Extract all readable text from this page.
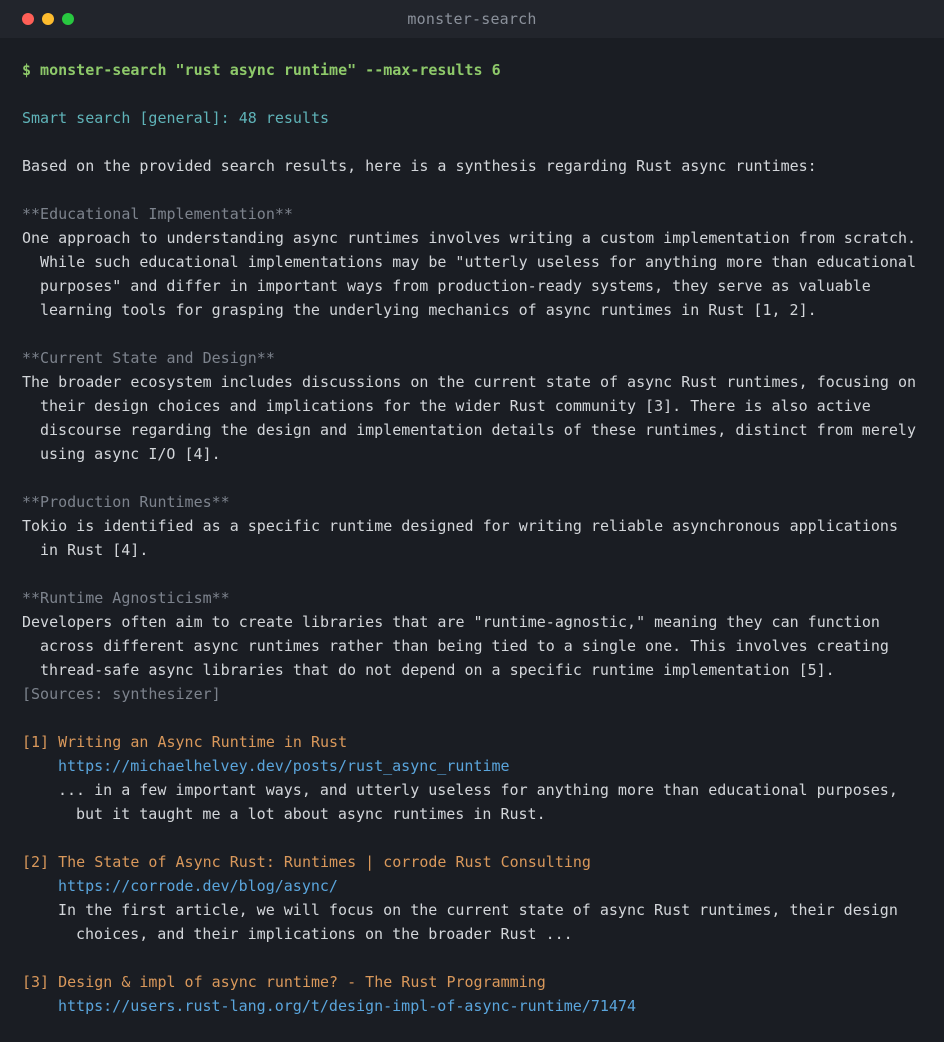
monster-search
$ monster-search "rust async runtime" --max-results 6
Smart search [general]: 48 results
Based on the provided search results, here is a synthesis regarding Rust async runtimes:
**Educational Implementation**
One approach to understanding async runtimes involves writing a custom implementation from scratch.
While such educational implementations may be "utterly useless for anything more than educational
purposes" and differ in important ways from production-ready systems, they serve as valuable
learning tools for grasping the underlying mechanics of async runtimes in Rust [1, 2].
**Current State and Design**
The broader ecosystem includes discussions on the current state of async Rust runtimes, focusing on
their design choices and implications for the wider Rust community [3]. There is also active
discourse regarding the design and implementation details of these runtimes, distinct from merely
using async I/O [4].
**Production Runtimes**
Tokio is identified as a specific runtime designed for writing reliable asynchronous applications
in Rust [4].
**Runtime Agnosticism**
Developers often aim to create libraries that are "runtime-agnostic," meaning they can function
across different async runtimes rather than being tied to a single one. This involves creating
thread-safe async libraries that do not depend on a specific runtime implementation [5].
[Sources: synthesizer]
[1] Writing an Async Runtime in Rust
https://michaelhelvey.dev/posts/rust_async_runtime
... in a few important ways, and utterly useless for anything more than educational purposes,
but it taught me a lot about async runtimes in Rust.
[2] The State of Async Rust: Runtimes | corrode Rust Consulting
https://corrode.dev/blog/async/
In the first article, we will focus on the current state of async Rust runtimes, their design
choices, and their implications on the broader Rust ...
[3] Design & impl of async runtime? - The Rust Programming
https://users.rust-lang.org/t/design-impl-of-async-runtime/71474
